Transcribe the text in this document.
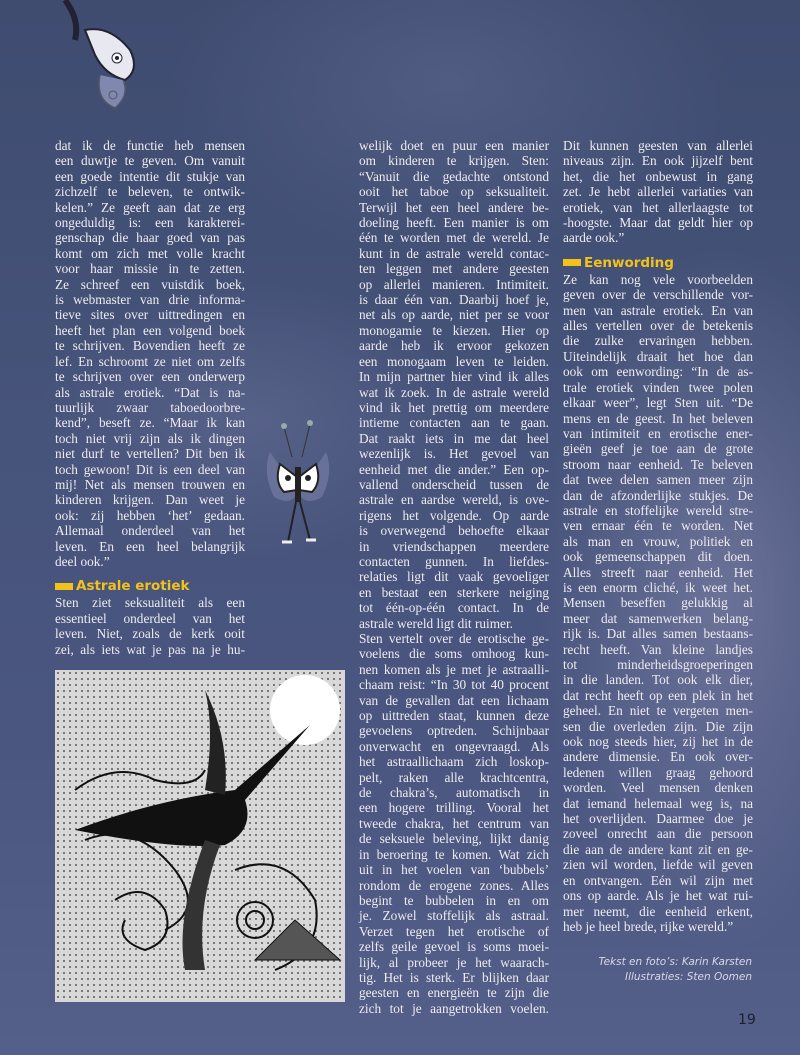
dat ik de functie heb mensen
een duwtje te geven. Om vanuit
een goede intentie dit stukje van
zichzelf te beleven, te ontwik-
kelen.” Ze geeft aan dat ze erg
ongeduldig is: een karakterei-
genschap die haar goed van pas
komt om zich met volle kracht
voor haar missie in te zetten.
Ze schreef een vuistdik boek,
is webmaster van drie informa-
tieve sites over uittredingen en
heeft het plan een volgend boek
te schrijven. Bovendien heeft ze
lef. En schroomt ze niet om zelfs
te schrijven over een onderwerp
als astrale erotiek. “Dat is na-
tuurlijk zwaar taboedoorbre-
kend”, beseft ze. “Maar ik kan
toch niet vrij zijn als ik dingen
niet durf te vertellen? Dit ben ik
toch gewoon! Dit is een deel van
mij! Net als mensen trouwen en
kinderen krijgen. Dan weet je
ook: zij hebben ‘het’ gedaan.
Allemaal onderdeel van het
leven. En een heel belangrijk
deel ook.”
Astrale erotiek
Sten ziet seksualiteit als een
essentieel onderdeel van het
leven. Niet, zoals de kerk ooit
zei, als iets wat je pas na je hu-
welijk doet en puur een manier
om kinderen te krijgen. Sten:
“Vanuit die gedachte ontstond
ooit het taboe op seksualiteit.
Terwijl het een heel andere be-
doeling heeft. Een manier is om
één te worden met de wereld. Je
kunt in de astrale wereld contac-
ten leggen met andere geesten
op allerlei manieren. Intimiteit.
is daar één van. Daarbij hoef je,
net als op aarde, niet per se voor
monogamie te kiezen. Hier op
aarde heb ik ervoor gekozen
een monogaam leven te leiden.
In mijn partner hier vind ik alles
wat ik zoek. In de astrale wereld
vind ik het prettig om meerdere
intieme contacten aan te gaan.
Dat raakt iets in me dat heel
wezenlijk is. Het gevoel van
eenheid met die ander.” Een op-
vallend onderscheid tussen de
astrale en aardse wereld, is ove-
rigens het volgende. Op aarde
is overwegend behoefte elkaar
in vriendschappen meerdere
contacten gunnen. In liefdes-
relaties ligt dit vaak gevoeliger
en bestaat een sterkere neiging
tot één-op-één contact. In de
astrale wereld ligt dit ruimer.
Sten vertelt over de erotische ge-
voelens die soms omhoog kun-
nen komen als je met je astraalli-
chaam reist: “In 30 tot 40 procent
van de gevallen dat een lichaam
op uittreden staat, kunnen deze
gevoelens optreden. Schijnbaar
onverwacht en ongevraagd. Als
het astraallichaam zich loskop-
pelt, raken alle krachtcentra,
de chakra’s, automatisch in
een hogere trilling. Vooral het
tweede chakra, het centrum van
de seksuele beleving, lijkt danig
in beroering te komen. Wat zich
uit in het voelen van ‘bubbels’
rondom de erogene zones. Alles
begint te bubbelen in en om
je. Zowel stoffelijk als astraal.
Verzet tegen het erotische of
zelfs geile gevoel is soms moei-
lijk, al probeer je het waarach-
tig. Het is sterk. Er blijken daar
geesten en energieën te zijn die
zich tot je aangetrokken voelen.
Dit kunnen geesten van allerlei
niveaus zijn. En ook jijzelf bent
het, die het onbewust in gang
zet. Je hebt allerlei variaties van
erotiek, van het allerlaagste tot
-hoogste. Maar dat geldt hier op
aarde ook.”
Eenwording
Ze kan nog vele voorbeelden
geven over de verschillende vor-
men van astrale erotiek. En van
alles vertellen over de betekenis
die zulke ervaringen hebben.
Uiteindelijk draait het hoe dan
ook om eenwording: “In de as-
trale erotiek vinden twee polen
elkaar weer”, legt Sten uit. “De
mens en de geest. In het beleven
van intimiteit en erotische ener-
gieën geef je toe aan de grote
stroom naar eenheid. Te beleven
dat twee delen samen meer zijn
dan de afzonderlijke stukjes. De
astrale en stoffelijke wereld stre-
ven ernaar één te worden. Net
als man en vrouw, politiek en
ook gemeenschappen dit doen.
Alles streeft naar eenheid. Het
is een enorm cliché, ik weet het.
Mensen beseffen gelukkig al
meer dat samenwerken belang-
rijk is. Dat alles samen bestaans-
recht heeft. Van kleine landjes
tot minderheidsgroeperingen
in die landen. Tot ook elk dier,
dat recht heeft op een plek in het
geheel. En niet te vergeten men-
sen die overleden zijn. Die zijn
ook nog steeds hier, zij het in de
andere dimensie. En ook over-
ledenen willen graag gehoord
worden. Veel mensen denken
dat iemand helemaal weg is, na
het overlijden. Daarmee doe je
zoveel onrecht aan die persoon
die aan de andere kant zit en ge-
zien wil worden, liefde wil geven
en ontvangen. Eén wil zijn met
ons op aarde. Als je het wat rui-
mer neemt, die eenheid erkent,
heb je heel brede, rijke wereld.”
Tekst en foto’s: Karin Karsten
Illustraties: Sten Oomen
19
